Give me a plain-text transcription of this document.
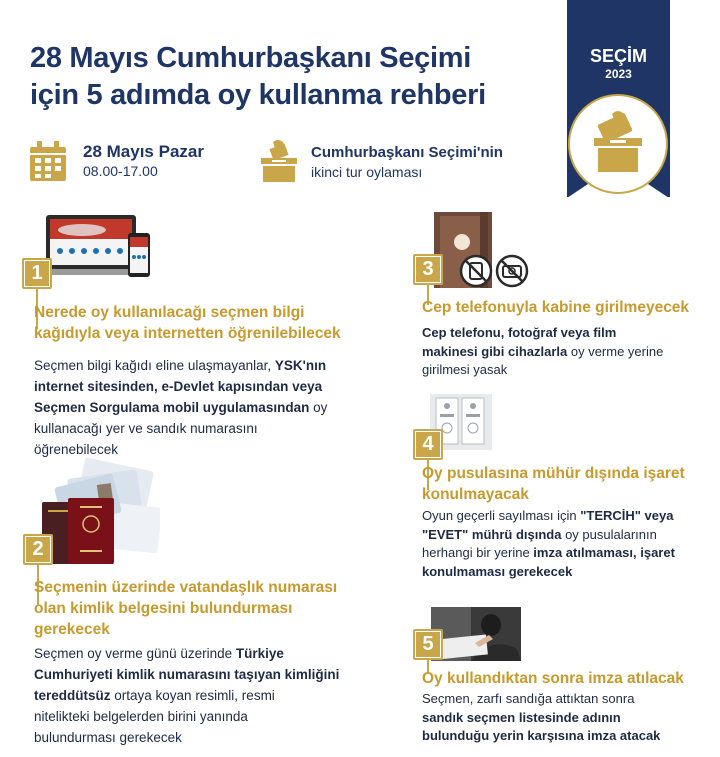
28 Mayıs Cumhurbaşkanı Seçimi
için 5 adımda oy kullanma rehberi
SEÇİM
2023
28 Mayıs Pazar
08.00-17.00
Cumhurbaşkanı Seçimi'nin
ikinci tur oylaması
1
Nerede oy kullanılacağı seçmen bilgi
kağıdıyla veya internetten öğrenilebilecek
Seçmen bilgi kağıdı eline ulaşmayanlar, YSK'nın
internet sitesinden, e-Devlet kapısından veya
Seçmen Sorgulama mobil uygulamasından oy
kullanacağı yer ve sandık numarasını
öğrenebilecek
2
Seçmenin üzerinde vatandaşlık numarası
olan kimlik belgesini bulundurması
gerekecek
Seçmen oy verme günü üzerinde Türkiye
Cumhuriyeti kimlik numarasını taşıyan kimliğini
tereddütsüz ortaya koyan resimli, resmi
nitelikteki belgelerden birini yanında
bulundurması gerekecek
3
Cep telefonuyla kabine girilmeyecek
Cep telefonu, fotoğraf veya film
makinesi gibi cihazlarla oy verme yerine
girilmesi yasak
4
Oy pusulasına mühür dışında işaret
konulmayacak
Oyun geçerli sayılması için "TERCİH" veya
"EVET" mührü dışında oy pusulalarının
herhangi bir yerine imza atılmaması, işaret
konulmaması gerekecek
5
Oy kullandıktan sonra imza atılacak
Seçmen, zarfı sandığa attıktan sonra
sandık seçmen listesinde adının
bulunduğu yerin karşısına imza atacak
